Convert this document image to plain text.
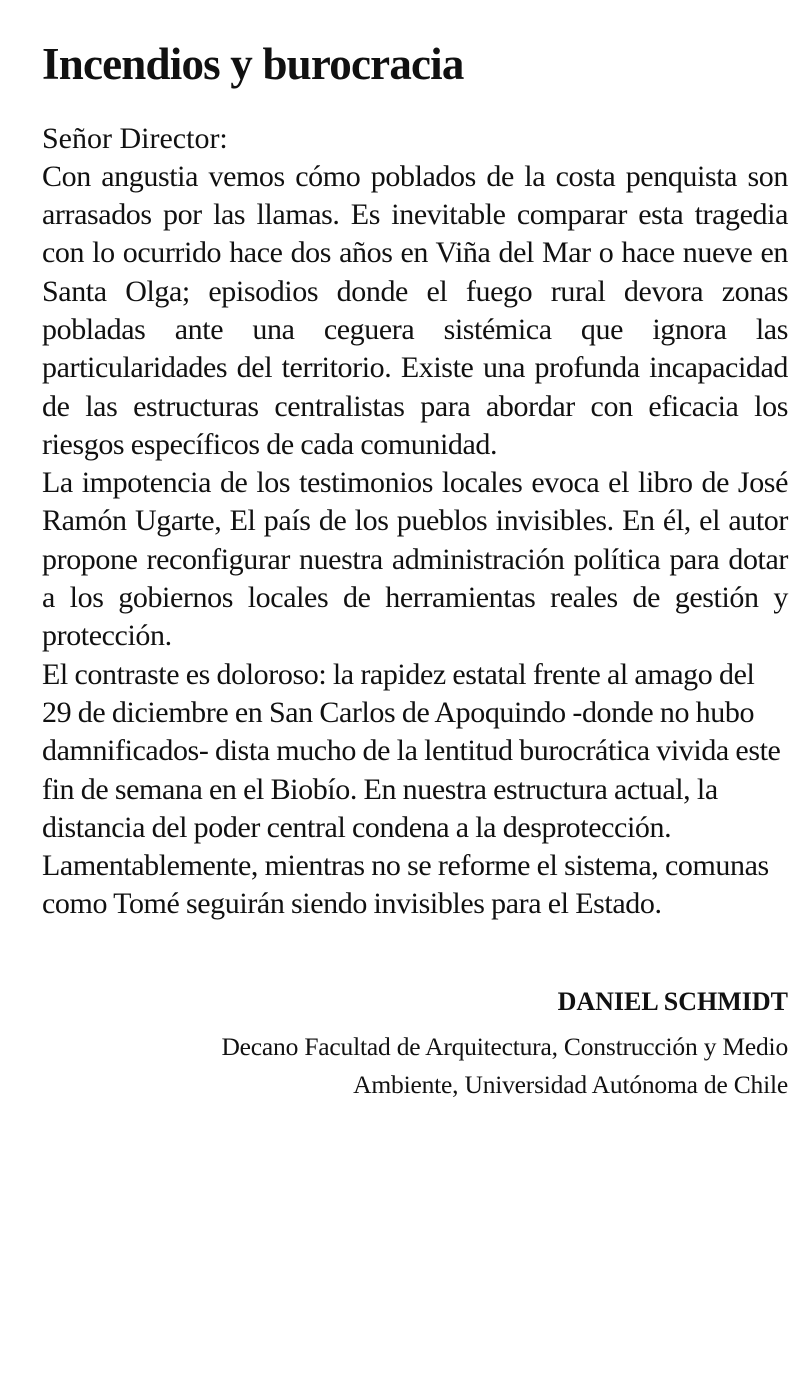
Incendios y burocracia

Señor Director:

Con angustia vemos cómo poblados de la costa penquista son arrasados por las llamas. Es inevitable comparar esta tragedia con lo ocurrido hace dos años en Viña del Mar o hace nueve en Santa Olga; episodios donde el fuego rural devora zonas pobladas ante una ceguera sistémica que ignora las particularidades del territorio. Existe una profunda incapacidad de las estructuras centralistas para abordar con eficacia los riesgos específicos de cada comunidad.

La impotencia de los testimonios locales evoca el libro de José Ramón Ugarte, El país de los pueblos invisibles. En él, el autor propone reconfigurar nuestra administración política para dotar a los gobiernos locales de herramientas reales de gestión y protección.

El contraste es doloroso: la rapidez estatal frente al amago del 29 de diciembre en San Carlos de Apoquindo -donde no hubo damnificados- dista mucho de la lentitud burocrática vivida este fin de semana en el Biobío. En nuestra estructura actual, la distancia del poder central condena a la desprotección. Lamentablemente, mientras no se reforme el sistema, comunas como Tomé seguirán siendo invisibles para el Estado.

DANIEL SCHMIDT

Decano Facultad de Arquitectura, Construcción y Medio
Ambiente, Universidad Autónoma de Chile
